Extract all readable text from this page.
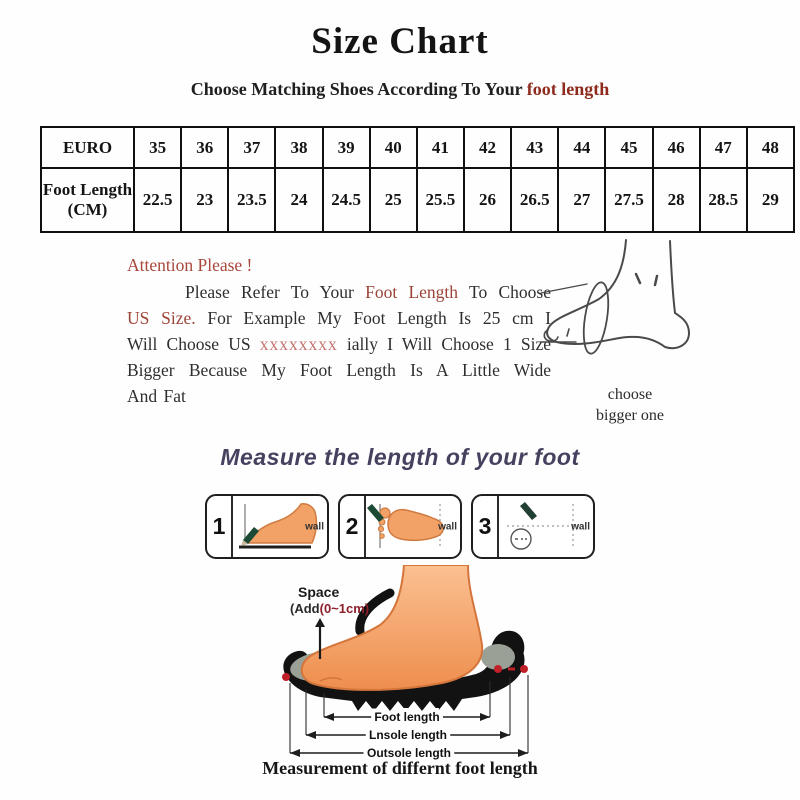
Size Chart
Choose Matching Shoes According To Your foot length
EURO	35	36	37	38	39	40	41	42	43	44	45	46	47	48
Foot Length (CM)	22.5	23	23.5	24	24.5	25	25.5	26	26.5	27	27.5	28	28.5	29
Attention Please !
Please Refer To Your Foot Length To Choose
US Size. For Example My Foot Length Is 25 cm I
Will Choose US xxxxxxxx ially I Will Choose 1 Size
Bigger Because My Foot Length Is A Little Wide
And Fat	choose
bigger one
Measure the length of your foot
1	wall 2	wall 3	wall
Space
(Add(0~1cm)
Foot length
Lnsole length
Outsole length
Measurement of differnt foot length
